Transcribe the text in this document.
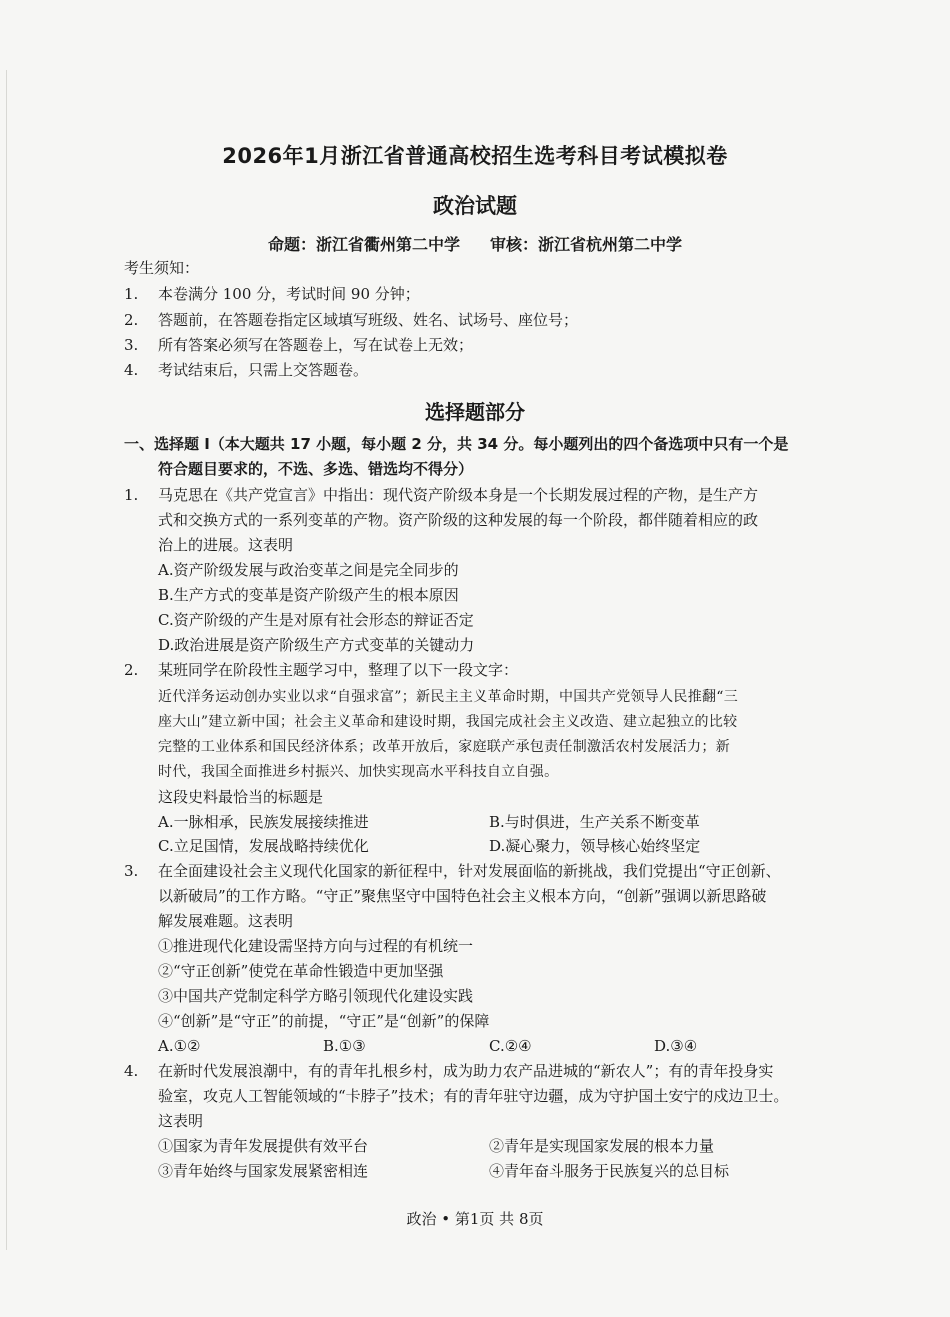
2026年1月浙江省普通高校招生选考科目考试模拟卷
政治试题
命题：浙江省衢州第二中学 审核：浙江省杭州第二中学
考生须知：
1. 本卷满分 100 分，考试时间 90 分钟；
2. 答题前，在答题卷指定区域填写班级、姓名、试场号、座位号；
3. 所有答案必须写在答题卷上，写在试卷上无效；
4. 考试结束后，只需上交答题卷。
选择题部分
一、选择题 I（本大题共 17 小题，每小题 2 分，共 34 分。每小题列出的四个备选项中只有一个是
符合题目要求的，不选、多选、错选均不得分）
1. 马克思在《共产党宣言》中指出：现代资产阶级本身是一个长期发展过程的产物，是生产方
式和交换方式的一系列变革的产物。资产阶级的这种发展的每一个阶段，都伴随着相应的政
治上的进展。这表明
A.资产阶级发展与政治变革之间是完全同步的
B.生产方式的变革是资产阶级产生的根本原因
C.资产阶级的产生是对原有社会形态的辩证否定
D.政治进展是资产阶级生产方式变革的关键动力
2. 某班同学在阶段性主题学习中，整理了以下一段文字：
近代洋务运动创办实业以求“自强求富”；新民主主义革命时期，中国共产党领导人民推翻“三
座大山”建立新中国；社会主义革命和建设时期，我国完成社会主义改造、建立起独立的比较
完整的工业体系和国民经济体系；改革开放后，家庭联产承包责任制激活农村发展活力；新
时代，我国全面推进乡村振兴、加快实现高水平科技自立自强。
这段史料最恰当的标题是
A.一脉相承，民族发展接续推进	B.与时俱进，生产关系不断变革
C.立足国情，发展战略持续优化	D.凝心聚力，领导核心始终坚定
3. 在全面建设社会主义现代化国家的新征程中，针对发展面临的新挑战，我们党提出“守正创新、
以新破局”的工作方略。“守正”聚焦坚守中国特色社会主义根本方向，“创新”强调以新思路破
解发展难题。这表明
①推进现代化建设需坚持方向与过程的有机统一
②“守正创新”使党在革命性锻造中更加坚强
③中国共产党制定科学方略引领现代化建设实践
④“创新”是“守正”的前提，“守正”是“创新”的保障
A.①②	B.①③	C.②④	D.③④
4. 在新时代发展浪潮中，有的青年扎根乡村，成为助力农产品进城的“新农人”；有的青年投身实
验室，攻克人工智能领域的“卡脖子”技术；有的青年驻守边疆，成为守护国土安宁的戍边卫士。
这表明
①国家为青年发展提供有效平台	②青年是实现国家发展的根本力量
③青年始终与国家发展紧密相连	④青年奋斗服务于民族复兴的总目标
政治 • 第1页 共 8页
